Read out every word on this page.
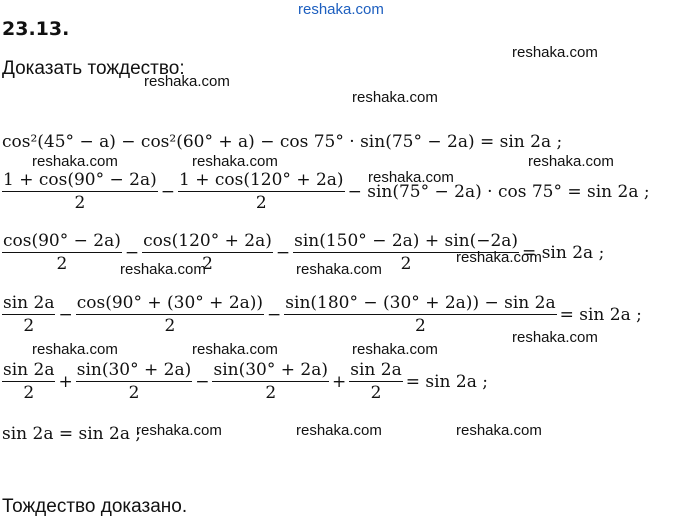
23.13.
reshaka.com
Доказать тождество:
cos²(45° − a) − cos²(60° + a) − cos 75° · sin(75° − 2a) = sin 2a ;
$\frac{1 + \cos(90^\circ - 2a)}{2} - \frac{1 + \cos(120^\circ + 2a)}{2} - \sin(75^\circ - 2a) \cdot \cos 75^\circ = \sin 2a$ ;
$\frac{\cos(90^\circ - 2a)}{2} - \frac{\cos(120^\circ + 2a)}{2} - \frac{\sin(150^\circ - 2a) + \sin(-2a)}{2} = \sin 2a$ ;
$\frac{\sin 2a}{2} - \frac{\cos(90^\circ + (30^\circ + 2a))}{2} - \frac{\sin(180^\circ - (30^\circ + 2a)) - \sin 2a}{2} = \sin 2a$ ;
$\frac{\sin 2a}{2} + \frac{\sin(30^\circ + 2a)}{2} - \frac{\sin(30^\circ + 2a)}{2} + \frac{\sin 2a}{2} = \sin 2a$ ;
sin 2a = sin 2a ;
Тождество доказано.
reshaka.com
reshaka.com
reshaka.com
reshaka.com	reshaka.com
reshaka.com
reshaka.com
reshaka.com	reshaka.com
reshaka.com
reshaka.com	reshaka.com	reshaka.com
reshaka.com
reshaka.com	reshaka.com	reshaka.com
